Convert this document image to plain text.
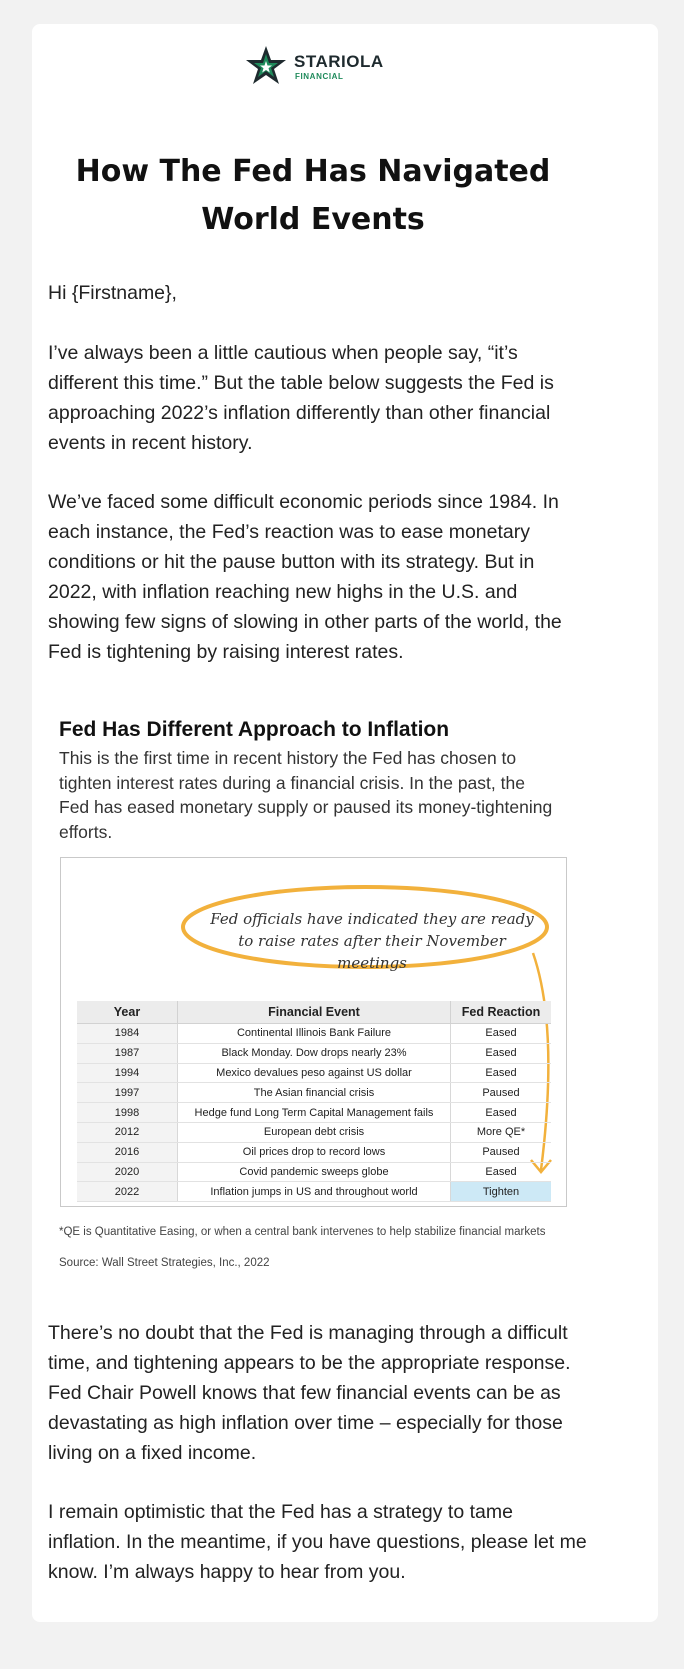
STARIOLA
FINANCIAL
How The Fed Has Navigated World Events

Hi {Firstname},

I’ve always been a little cautious when people say, “it’s different this time.” But the table below suggests the Fed is approaching 2022’s inflation differently than other financial events in recent history.

We’ve faced some difficult economic periods since 1984. In each instance, the Fed’s reaction was to ease monetary conditions or hit the pause button with its strategy. But in 2022, with inflation reaching new highs in the U.S. and showing few signs of slowing in other parts of the world, the Fed is tightening by raising interest rates.

Fed Has Different Approach to Inflation

This is the first time in recent history the Fed has chosen to tighten interest rates during a financial crisis. In the past, the Fed has eased monetary supply or paused its money-tightening efforts.

Fed officials have indicated they are ready to raise rates after their November meetings
Year	Financial Event	Fed Reaction
1984	Continental Illinois Bank Failure	Eased
1987	Black Monday. Dow drops nearly 23%	Eased
1994	Mexico devalues peso against US dollar	Eased
1997	The Asian financial crisis	Paused
1998	Hedge fund Long Term Capital Management fails	Eased
2012	European debt crisis	More QE*
2016	Oil prices drop to record lows	Paused
2020	Covid pandemic sweeps globe	Eased
2022	Inflation jumps in US and throughout world	Tighten
*QE is Quantitative Easing, or when a central bank intervenes to help stabilize financial markets
Source: Wall Street Strategies, Inc., 2022

There’s no doubt that the Fed is managing through a difficult time, and tightening appears to be the appropriate response. Fed Chair Powell knows that few financial events can be as devastating as high inflation over time – especially for those living on a fixed income.

I remain optimistic that the Fed has a strategy to tame inflation. In the meantime, if you have questions, please let me know. I’m always happy to hear from you.
